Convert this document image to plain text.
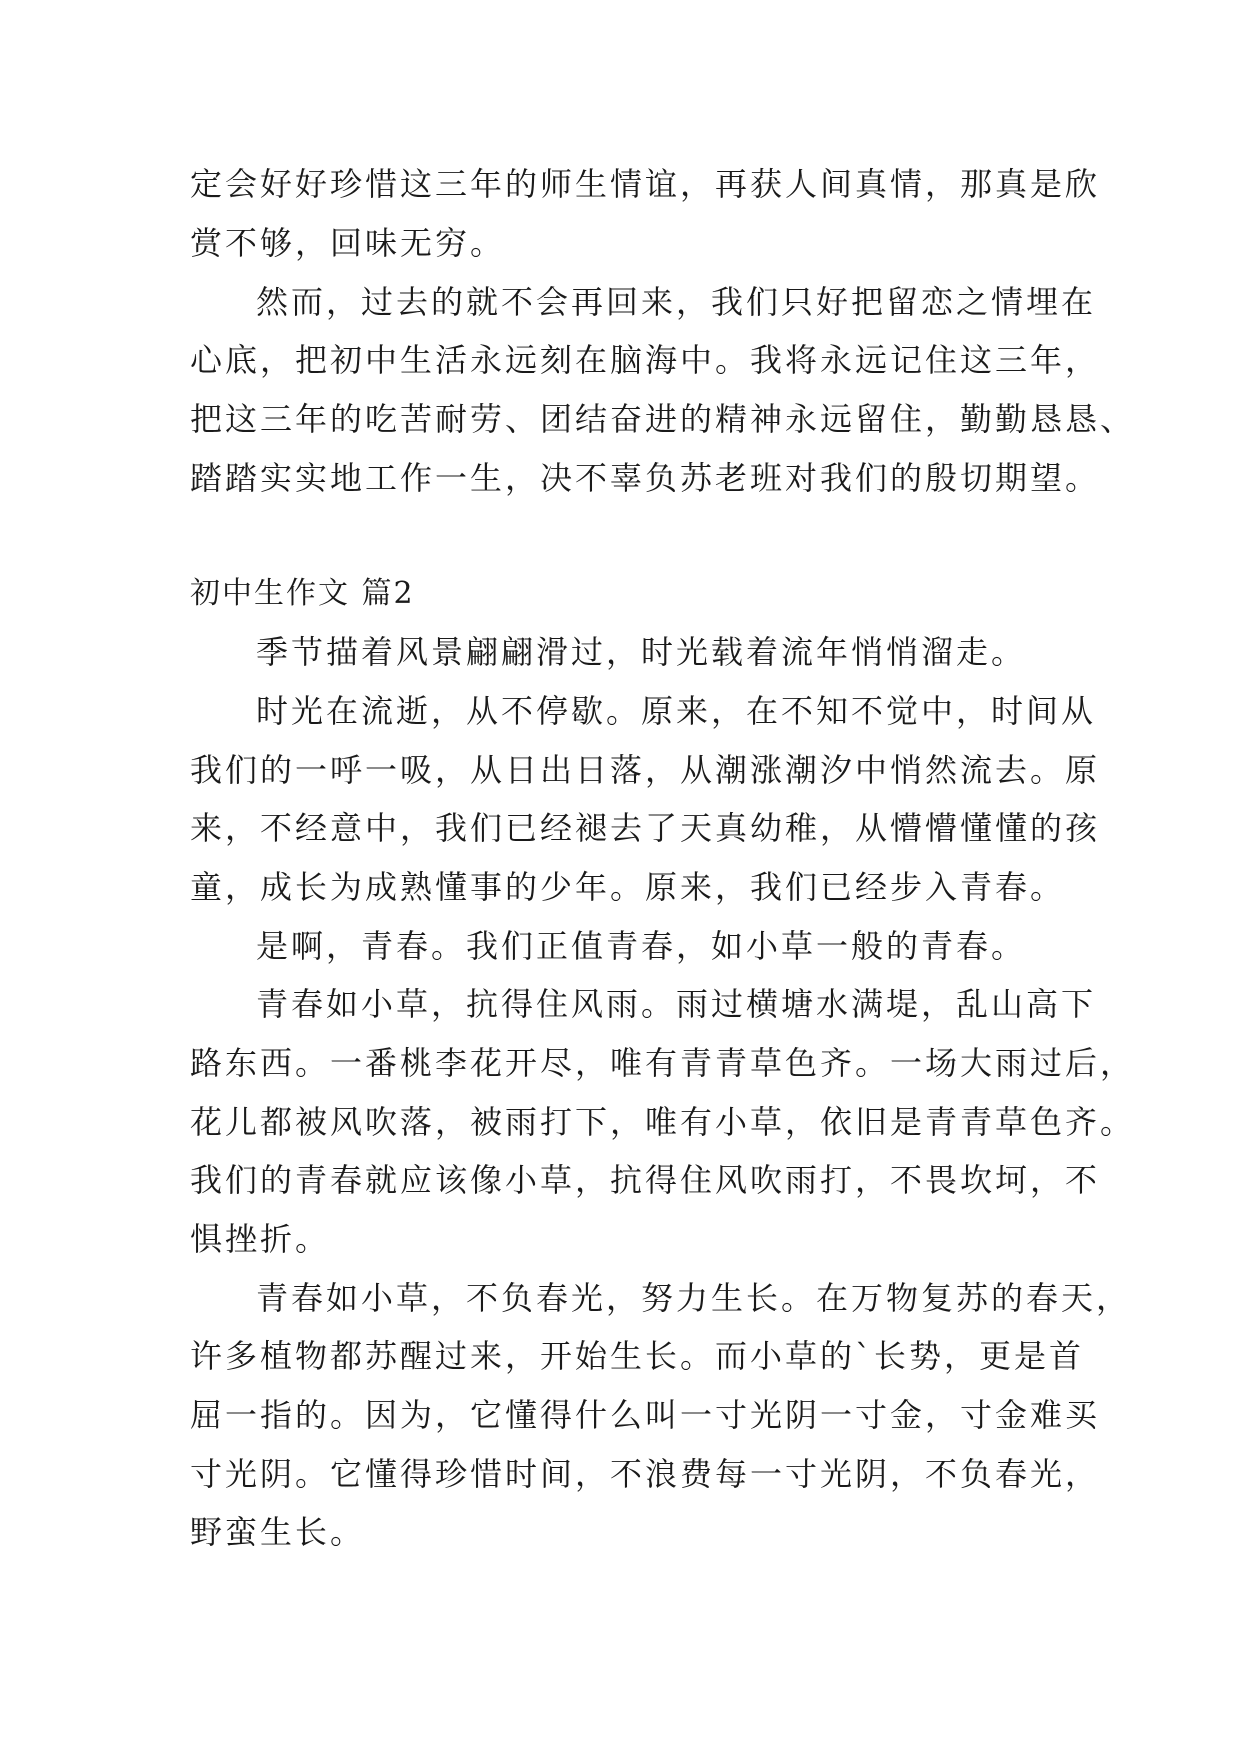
定会好好珍惜这三年的师生情谊，再获人间真情，那真是欣
赏不够，回味无穷。
然而，过去的就不会再回来，我们只好把留恋之情埋在
心底，把初中生活永远刻在脑海中。我将永远记住这三年，
把这三年的吃苦耐劳、团结奋进的精神永远留住，勤勤恳恳、
踏踏实实地工作一生，决不辜负苏老班对我们的殷切期望。
初中生作文 篇2
季节描着风景翩翩滑过，时光载着流年悄悄溜走。
时光在流逝，从不停歇。原来，在不知不觉中，时间从
我们的一呼一吸，从日出日落，从潮涨潮汐中悄然流去。原
来，不经意中，我们已经褪去了天真幼稚，从懵懵懂懂的孩
童，成长为成熟懂事的少年。原来，我们已经步入青春。
是啊，青春。我们正值青春，如小草一般的青春。
青春如小草，抗得住风雨。雨过横塘水满堤，乱山高下
路东西。一番桃李花开尽，唯有青青草色齐。一场大雨过后，
花儿都被风吹落，被雨打下，唯有小草，依旧是青青草色齐。
我们的青春就应该像小草，抗得住风吹雨打，不畏坎坷，不
惧挫折。
青春如小草，不负春光，努力生长。在万物复苏的春天，
许多植物都苏醒过来，开始生长。而小草的`长势，更是首
屈一指的。因为，它懂得什么叫一寸光阴一寸金，寸金难买
寸光阴。它懂得珍惜时间，不浪费每一寸光阴，不负春光，
野蛮生长。
